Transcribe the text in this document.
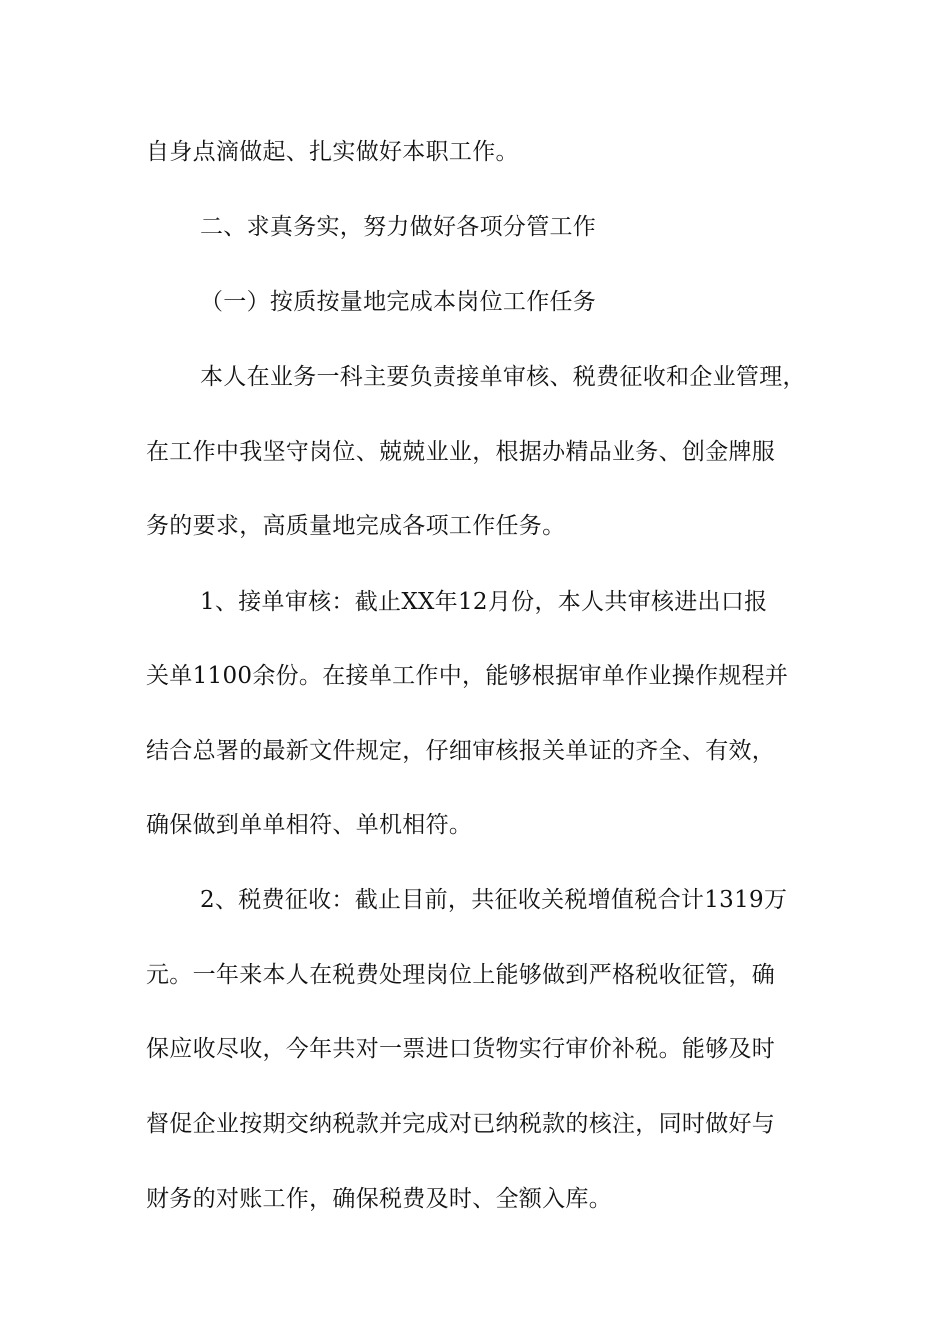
自身点滴做起、扎实做好本职工作。
二、求真务实，努力做好各项分管工作
（一）按质按量地完成本岗位工作任务
本人在业务一科主要负责接单审核、税费征收和企业管理，
在工作中我坚守岗位、兢兢业业，根据办精品业务、创金牌服
务的要求，高质量地完成各项工作任务。
1、接单审核：截止XX年12月份，本人共审核进出口报
关单1100余份。在接单工作中，能够根据审单作业操作规程并
结合总署的最新文件规定，仔细审核报关单证的齐全、有效，
确保做到单单相符、单机相符。
2、税费征收：截止目前，共征收关税增值税合计1319万
元。一年来本人在税费处理岗位上能够做到严格税收征管，确
保应收尽收，今年共对一票进口货物实行审价补税。能够及时
督促企业按期交纳税款并完成对已纳税款的核注，同时做好与
财务的对账工作，确保税费及时、全额入库。
